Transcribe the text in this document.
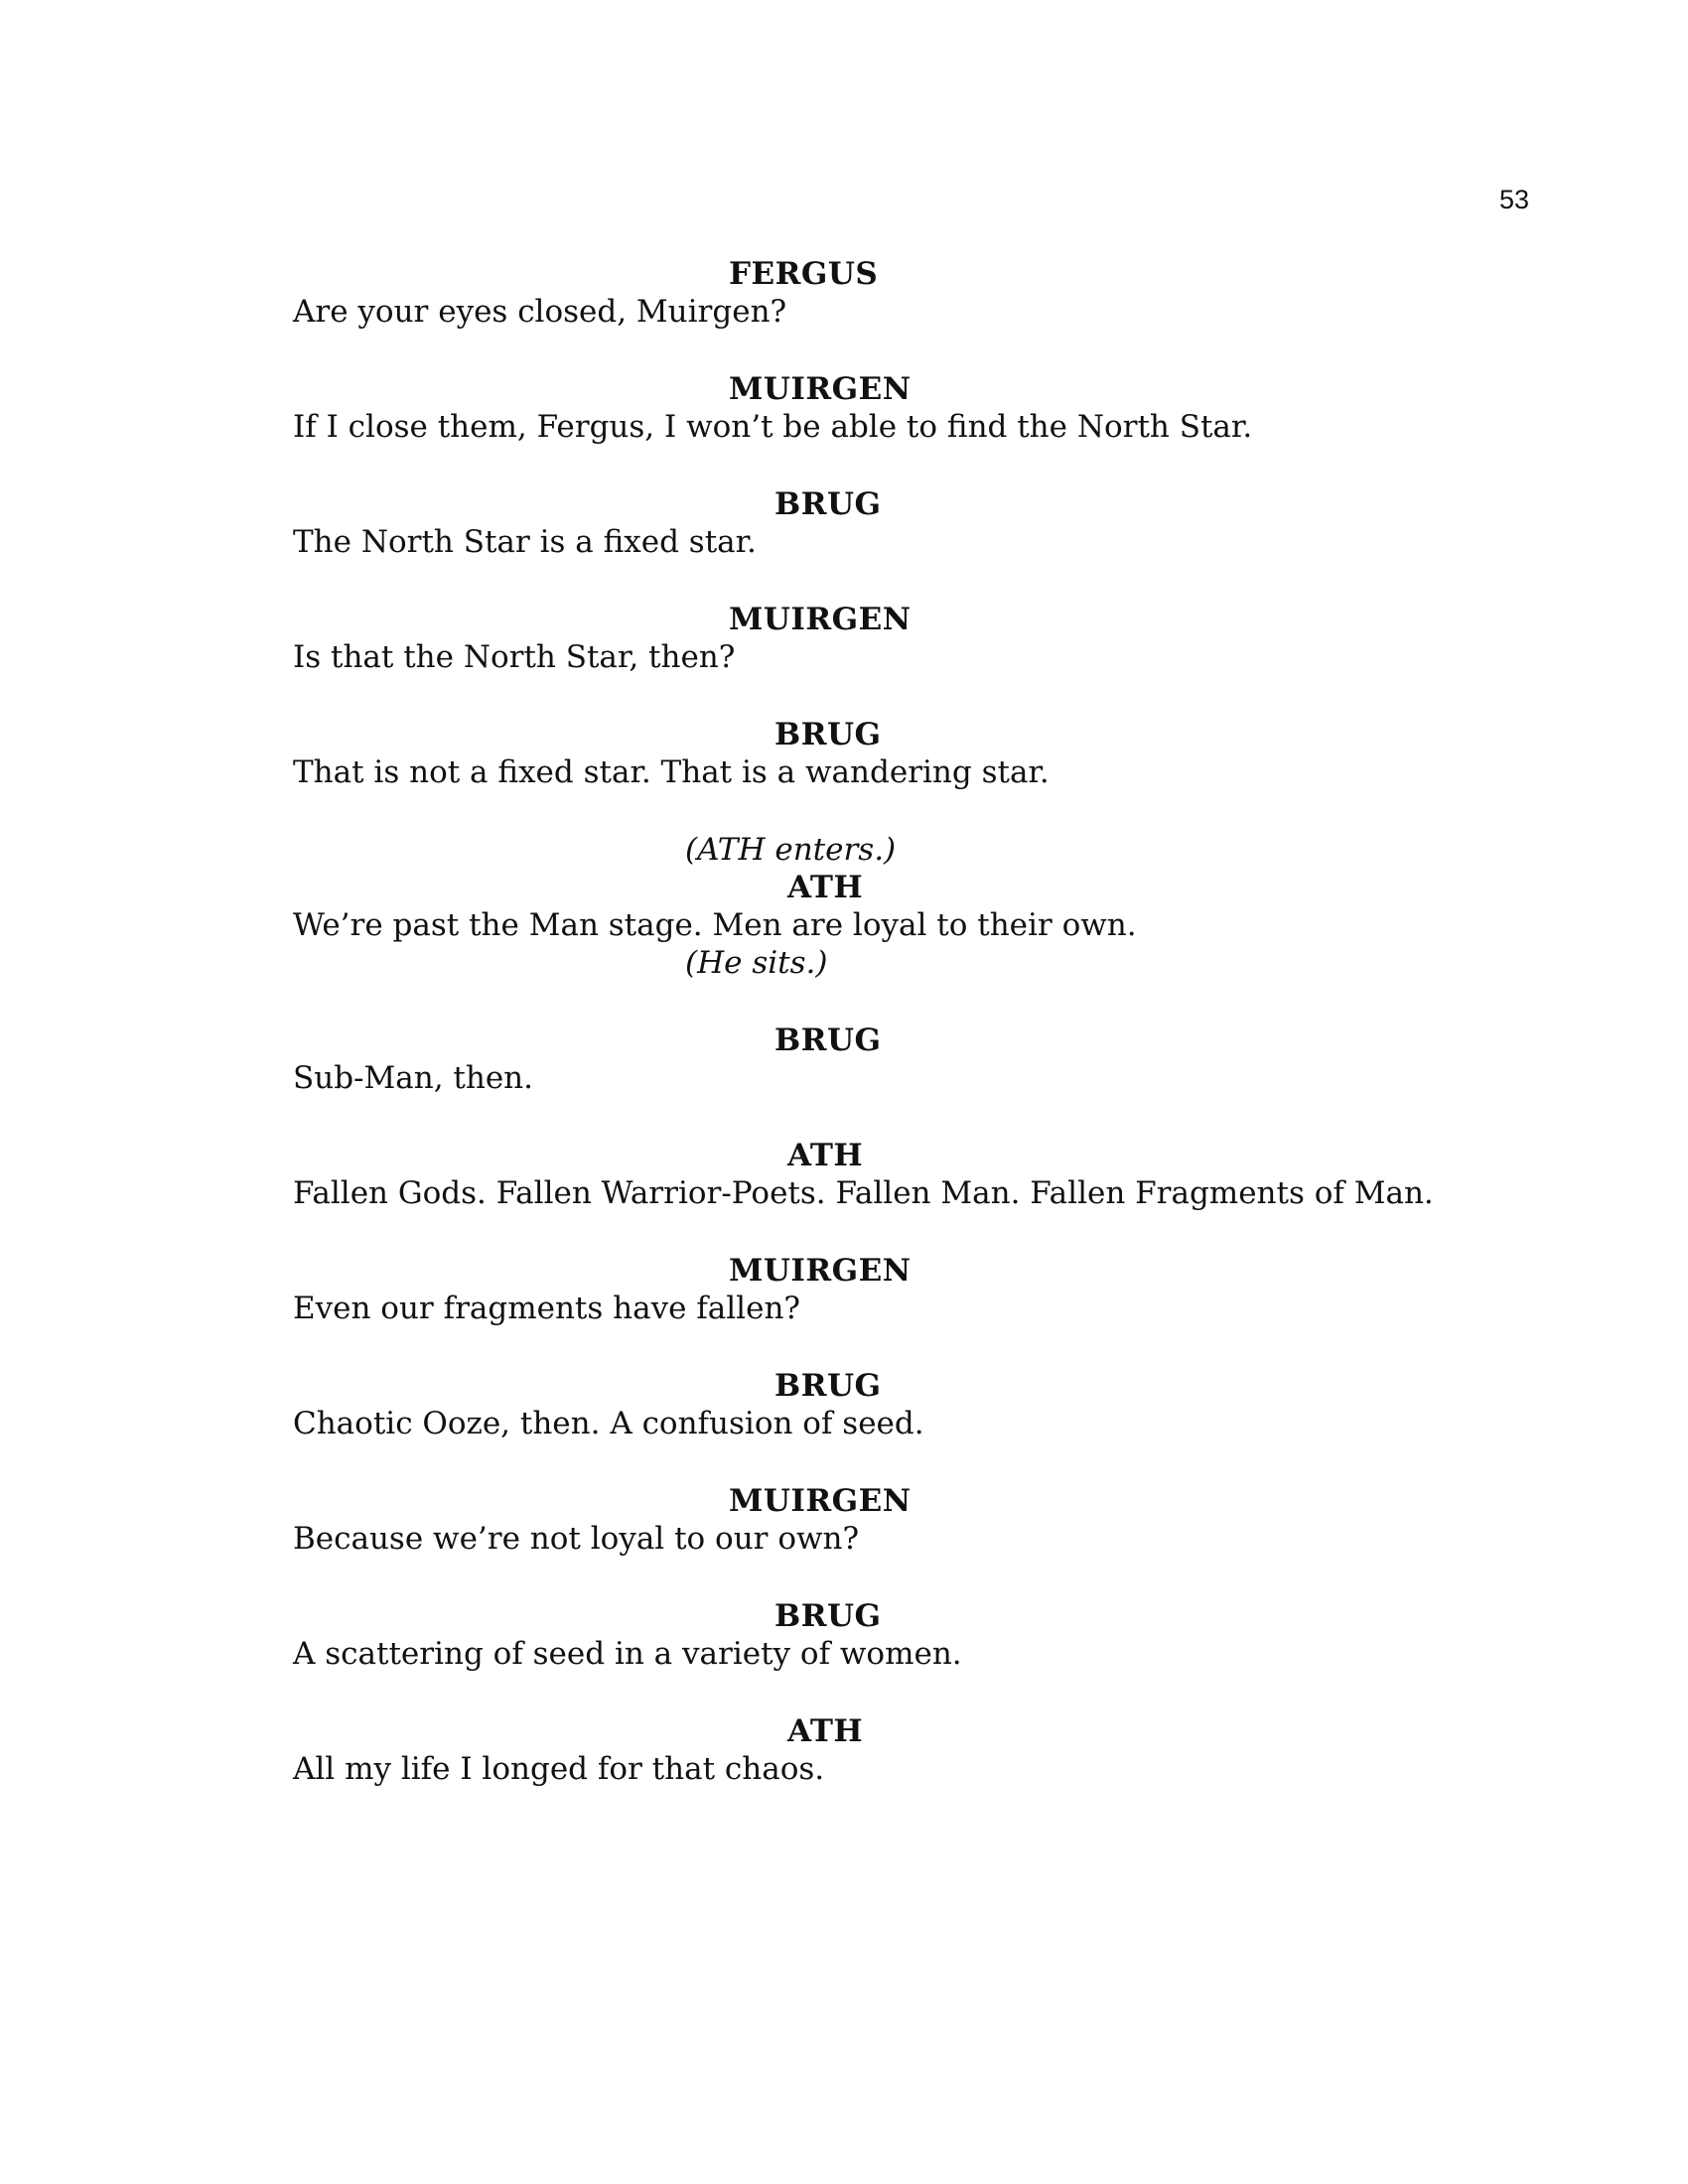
53
FERGUS
Are your eyes closed, Muirgen?
MUIRGEN
If I close them, Fergus, I won’t be able to find the North Star.
BRUG
The North Star is a fixed star.
MUIRGEN
Is that the North Star, then?
BRUG
That is not a fixed star. That is a wandering star.
(ATH enters.)
ATH
We’re past the Man stage. Men are loyal to their own.
(He sits.)
BRUG
Sub-Man, then.
ATH
Fallen Gods. Fallen Warrior-Poets. Fallen Man. Fallen Fragments of Man.
MUIRGEN
Even our fragments have fallen?
BRUG
Chaotic Ooze, then. A confusion of seed.
MUIRGEN
Because we’re not loyal to our own?
BRUG
A scattering of seed in a variety of women.
ATH
All my life I longed for that chaos.
